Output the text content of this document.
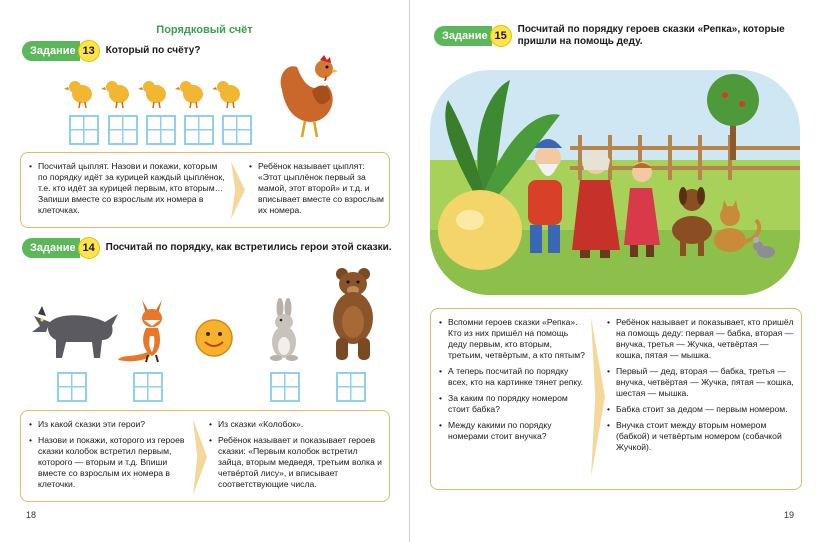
Порядковый счёт
Задание 13	Который по счёту?
• Посчитай цыплят. Назови и покажи, которым по порядку идёт за курицей каждый цыплёнок, т.е. кто идёт за курицей первым, кто вторым… Запиши вместе со взрослым их номера в клеточках.
• Ребёнок называет цыплят: «Этот цыплёнок первый за мамой, этот второй» и т.д. и вписывает вместе со взрослым их номера.
Задание 14	Посчитай по порядку, как встретились герои этой сказки.
• Из какой сказки эти герои?
• Назови и покажи, которого из героев сказки колобок встретил первым, которого — вторым и т.д. Впиши вместе со взрослым их номера в клеточки.
• Из сказки «Колобок».
• Ребёнок называет и показывает героев сказки: «Первым колобок встретил зайца, вторым медведя, третьим волка и четвёртой лису», и вписывает соответствующие числа.
18
Задание 15
Посчитай по порядку героев сказки «Репка», которые пришли на помощь деду.
• Вспомни героев сказки «Репка». Кто из них пришёл на помощь деду первым, кто вторым, третьим, четвёртым, а кто пятым?
• А теперь посчитай по порядку всех, кто на картинке тянет репку.
• За каким по порядку номером стоит бабка?
• Между какими по порядку номерами стоит внучка?
• Ребёнок называет и показывает, кто пришёл на помощь деду: первая — бабка, вторая — внучка, третья — Жучка, четвёртая — кошка, пятая — мышка.
• Первый — дед, вторая — бабка, третья — внучка, четвёртая — Жучка, пятая — кошка, шестая — мышка.
• Бабка стоит за дедом — первым номером.
• Внучка стоит между вторым номером (бабкой) и четвёртым номером (собачкой Жучкой).
19
